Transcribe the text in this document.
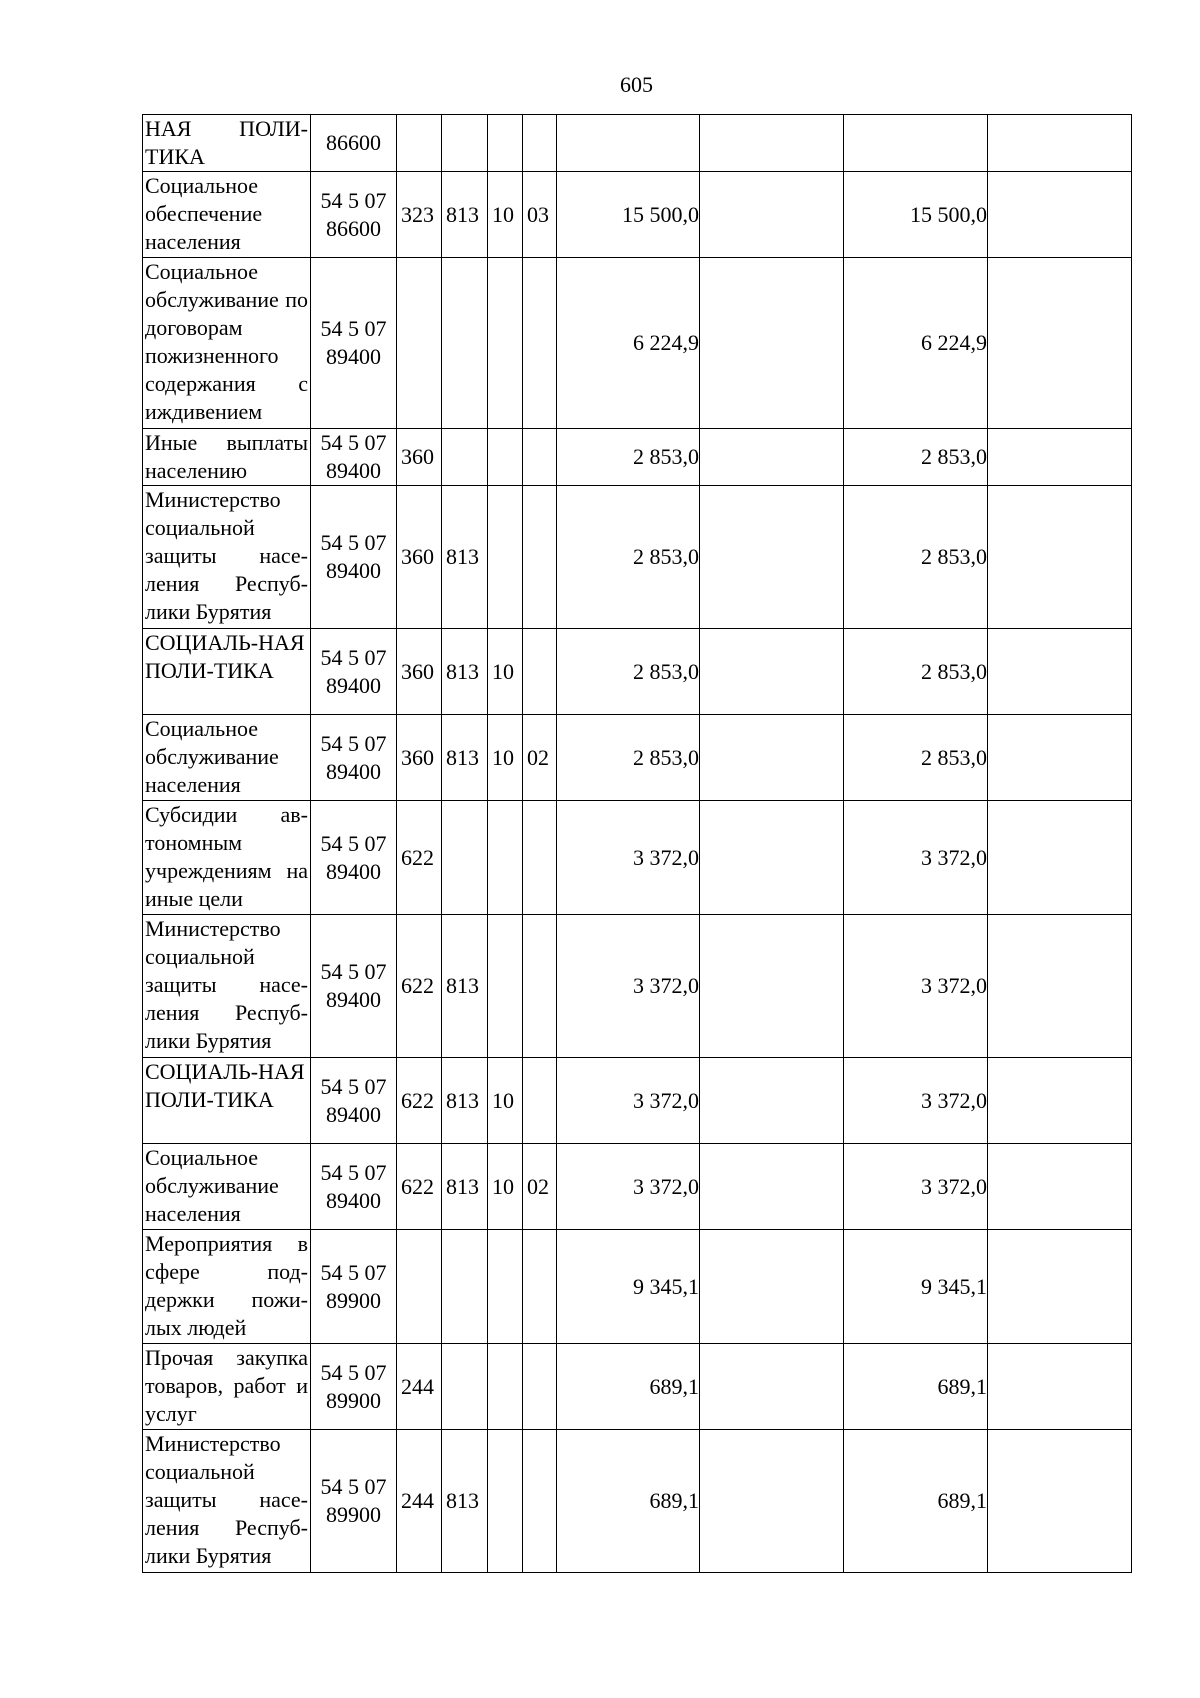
605
НАЯ ПОЛИ- ТИКА	86600								
Социальное обеспечение населения	54 5 07 86600	323	813	10	03	15 500,0		15 500,0	
Социальное обслуживание по договорам пожизненного содержания с иждивением	54 5 07 89400					6 224,9		6 224,9	
Иные выплаты населению	54 5 07 89400	360				2 853,0		2 853,0	
Министерство социальной защиты насе-ления Респуб-лики Бурятия	54 5 07 89400	360	813			2 853,0		2 853,0	
СОЦИАЛЬ-НАЯ ПОЛИ-ТИКА	54 5 07 89400	360	813	10		2 853,0		2 853,0	
Социальное обслуживание населения	54 5 07 89400	360	813	10	02	2 853,0		2 853,0	
Субсидии ав-тономным учреждениям на иные цели	54 5 07 89400	622				3 372,0		3 372,0	
Министерство социальной защиты насе-ления Респуб-лики Бурятия	54 5 07 89400	622	813			3 372,0		3 372,0	
СОЦИАЛЬ-НАЯ ПОЛИ-ТИКА	54 5 07 89400	622	813	10		3 372,0		3 372,0	
Социальное обслуживание населения	54 5 07 89400	622	813	10	02	3 372,0		3 372,0	
Мероприятия в сфере под-держки пожи-лых людей	54 5 07 89900					9 345,1		9 345,1	
Прочая закупка товаров, работ и услуг	54 5 07 89900	244				689,1		689,1	
Министерство социальной защиты насе-ления Респуб-лики Бурятия	54 5 07 89900	244	813			689,1		689,1	
